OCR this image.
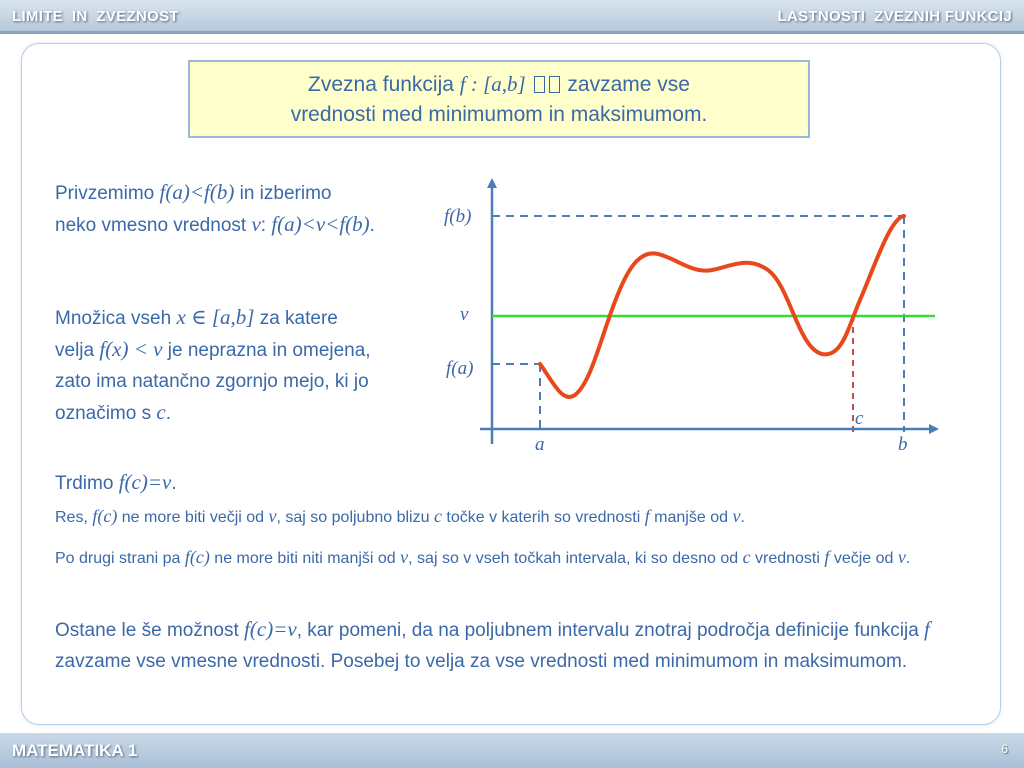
LIMITE  IN  ZVEZNOST	LASTNOSTI  ZVEZNIH FUNKCIJ
Zvezna funkcija f : [a,b]  zavzame vse
vrednosti med minimumom in maksimumom.
Privzemimo f(a)<f(b) in izberimo neko vmesno vrednost v: f(a)<v<f(b).
Množica vseh x ∈ [a,b] za katere velja f(x) < v je neprazna in omejena, zato ima natančno zgornjo mejo, ki jo označimo s c.
Trdimo f(c)=v.
Res, f(c) ne more biti večji od v, saj so poljubno blizu c točke v katerih so vrednosti f manjše od v.
Po drugi strani pa f(c) ne more biti niti manjši od v, saj so v vseh točkah intervala, ki so desno od c vrednosti f večje od v.
Ostane le še možnost f(c)=v, kar pomeni, da na poljubnem intervalu znotraj področja definicije funkcija f zavzame vse vmesne vrednosti. Posebej to velja za vse vrednosti med minimumom in maksimumom.
f(b)
v
f(a)
a	b
c
MATEMATIKA 1	6
